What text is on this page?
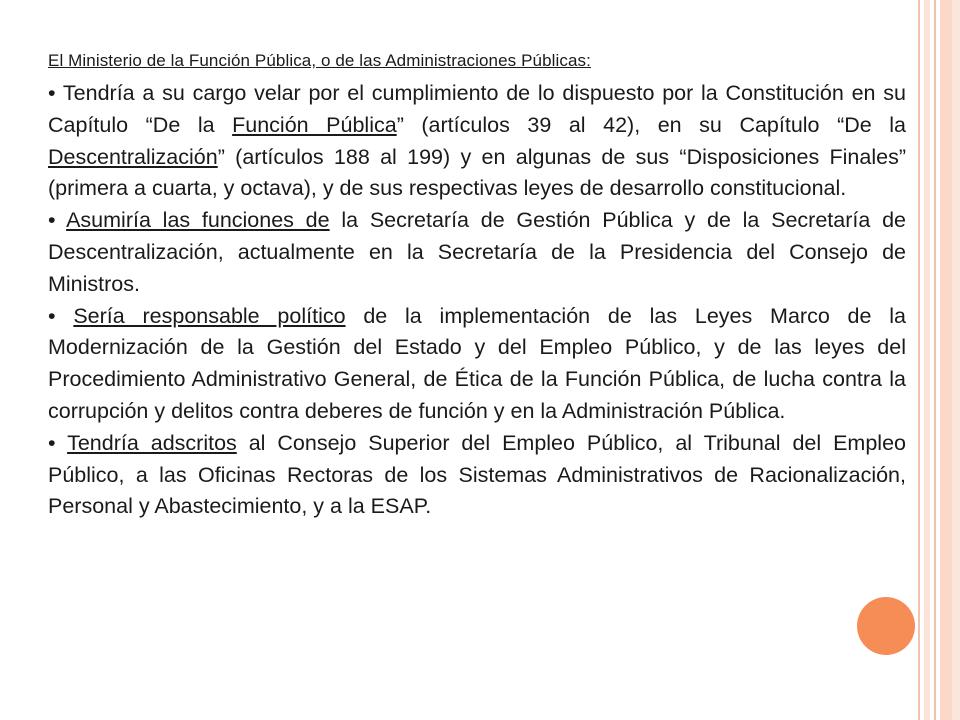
El Ministerio de la Función Pública, o de las Administraciones Públicas:

• Tendría a su cargo velar por el cumplimiento de lo dispuesto por la Constitución en su Capítulo “De la Función Pública” (artículos 39 al 42), en su Capítulo “De la Descentralización” (artículos 188 al 199) y en algunas de sus “Disposiciones Finales” (primera a cuarta, y octava), y de sus respectivas leyes de desarrollo constitucional.

• Asumiría las funciones de la Secretaría de Gestión Pública y de la Secretaría de Descentralización, actualmente en la Secretaría de la Presidencia del Consejo de Ministros.

• Sería responsable político de la implementación de las Leyes Marco de la Modernización de la Gestión del Estado y del Empleo Público, y de las leyes del Procedimiento Administrativo General, de Ética de la Función Pública, de lucha contra la corrupción y delitos contra deberes de función y en la Administración Pública.

• Tendría adscritos al Consejo Superior del Empleo Público, al Tribunal del Empleo Público, a las Oficinas Rectoras de los Sistemas Administrativos de Racionalización, Personal y Abastecimiento, y a la ESAP.
